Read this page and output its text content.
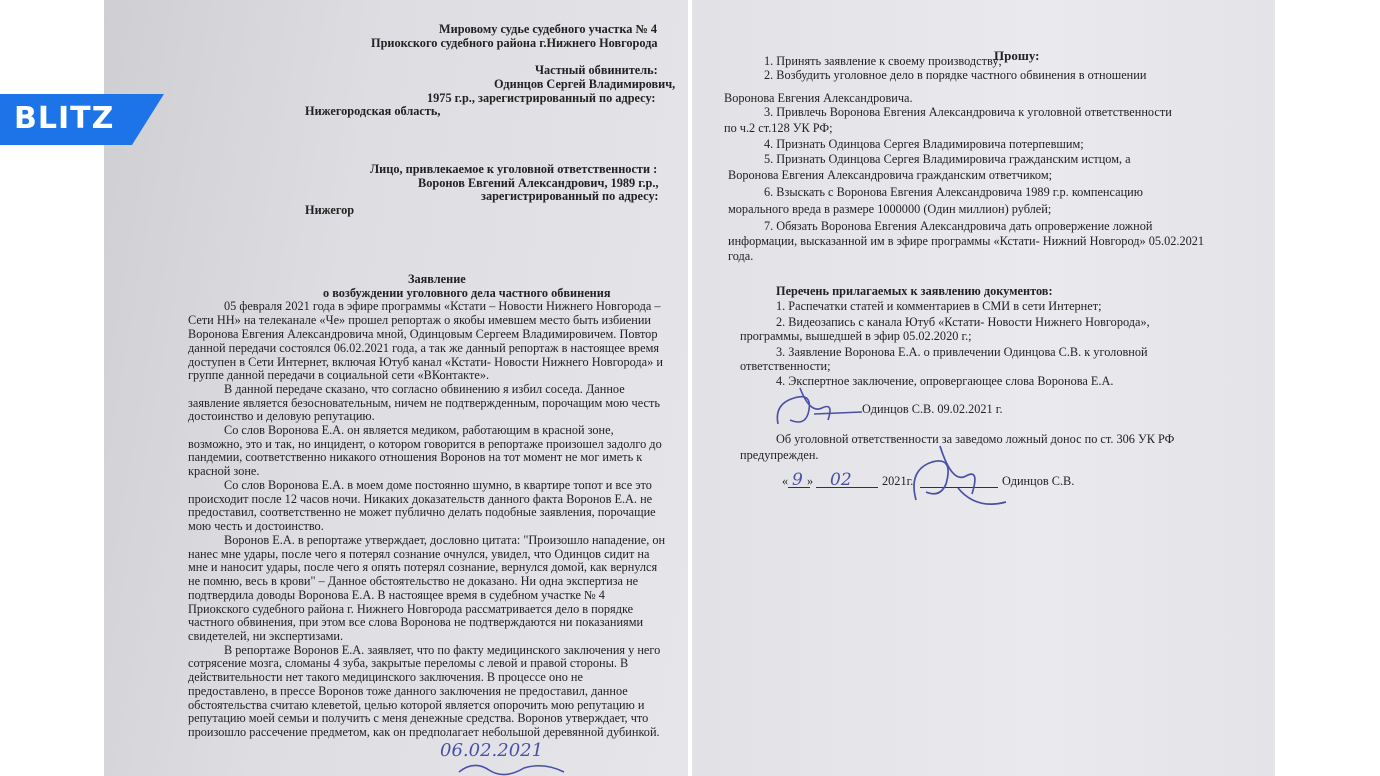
Мировому судье судебного участка № 4
Приокского судебного района г.Нижнего Новгорода
Частный обвинитель:
Одинцов Сергей Владимирович,
1975 г.р., зарегистрированный по адресу:
Нижегородская область,
Лицо, привлекаемое к уголовной ответственности :
Воронов Евгений Александрович, 1989 г.р.,
зарегистрированный по адресу:
Нижегор
Заявление
о возбуждении уголовного дела частного обвинения
05 февраля 2021 года в эфире программы «Кстати – Новости Нижнего Новгорода –
Сети НН» на телеканале «Че» прошел репортаж о якобы имевшем место быть избиении
Воронова Евгения Александровича мной, Одинцовым Сергеем Владимировичем. Повтор
данной передачи состоялся 06.02.2021 года, а так же данный репортаж в настоящее время
доступен в Сети Интернет, включая Ютуб канал «Кстати- Новости Нижнего Новгорода» и
группе данной передачи в социальной сети «ВКонтакте».
В данной передаче сказано, что согласно обвинению я избил соседа. Данное
заявление является безосновательным, ничем не подтвержденным, порочащим мою честь
достоинство и деловую репутацию.
Со слов Воронова Е.А. он является медиком, работающим в красной зоне,
возможно, это и так, но инцидент, о котором говорится в репортаже произошел задолго до
пандемии, соответственно никакого отношения Воронов на тот момент не мог иметь к
красной зоне.
Со слов Воронова Е.А. в моем доме постоянно шумно, в квартире топот и все это
происходит после 12 часов ночи. Никаких доказательств данного факта Воронов Е.А. не
предоставил, соответственно не может публично делать подобные заявления, порочащие
мою честь и достоинство.
Воронов Е.А. в репортаже утверждает, дословно цитата: "Произошло нападение, он
нанес мне удары, после чего я потерял сознание очнулся, увидел, что Одинцов сидит на
мне и наносит удары, после чего я опять потерял сознание, вернулся домой, как вернулся
не помню, весь в крови" – Данное обстоятельство не доказано. Ни одна экспертиза не
подтвердила доводы Воронова Е.А. В настоящее время в судебном участке № 4
Приокского судебного района г. Нижнего Новгорода рассматривается дело в порядке
частного обвинения, при этом все слова Воронова не подтверждаются ни показаниями
свидетелей, ни экспертизами.
В репортаже Воронов Е.А. заявляет, что по факту медицинского заключения у него
сотрясение мозга, сломаны 4 зуба, закрытые переломы с левой и правой стороны. В
действительности нет такого медицинского заключения. В процессе оно не
предоставлено, в прессе Воронов тоже данного заключения не предоставил, данное
обстоятельства считаю клеветой, целью которой является опорочить мою репутацию и
репутацию моей семьи и получить с меня денежные средства. Воронов утверждает, что
произошло рассечение предметом, как он предполагает небольшой деревянной дубинкой.
06.02.2021
Прошу:
1. Принять заявление к своему производству;
2. Возбудить уголовное дело в порядке частного обвинения в отношении
Воронова Евгения Александровича.
3. Привлечь Воронова Евгения Александровича к уголовной ответственности
по ч.2 ст.128 УК РФ;
4. Признать Одинцова Сергея Владимировича потерпевшим;
5. Признать Одинцова Сергея Владимировича гражданским истцом, а
Воронова Евгения Александровича гражданским ответчиком;
6. Взыскать с Воронова Евгения Александровича 1989 г.р. компенсацию
морального вреда в размере 1000000 (Один миллион) рублей;
7. Обязать Воронова Евгения Александровича дать опровержение ложной
информации, высказанной им в эфире программы «Кстати- Нижний Новгород» 05.02.2021
года.
Перечень прилагаемых к заявлению документов:
1. Распечатки статей и комментариев в СМИ в сети Интернет;
2. Видеозапись с канала Ютуб «Кстати- Новости Нижнего Новгорода»,
программы, вышедшей в эфир 05.02.2020 г.;
3. Заявление Воронова Е.А. о привлечении Одинцова С.В. к уголовной
ответственности;
4. Экспертное заключение, опровергающее слова Воронова Е.А.
Одинцов С.В. 09.02.2021 г.
Об уголовной ответственности за заведомо ложный донос по ст. 306 УК РФ
предупрежден.
« 9 » 02 2021г.	Одинцов С.В.
BLITZ
